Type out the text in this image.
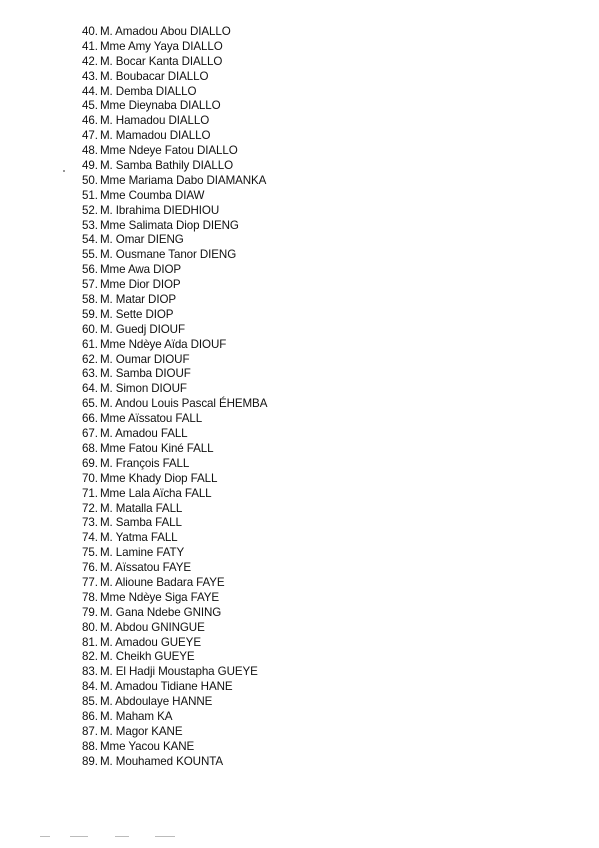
40. M. Amadou Abou DIALLO
41. Mme Amy Yaya DIALLO
42. M. Bocar Kanta DIALLO
43. M. Boubacar DIALLO
44. M. Demba DIALLO
45. Mme Dieynaba DIALLO
46. M. Hamadou DIALLO
47. M. Mamadou DIALLO
48. Mme Ndeye Fatou DIALLO
49. M. Samba Bathily DIALLO
50. Mme Mariama Dabo DIAMANKA
51. Mme Coumba DIAW
52. M. Ibrahima DIEDHIOU
53. Mme Salimata Diop DIENG
54. M. Omar DIENG
55. M. Ousmane Tanor DIENG
56. Mme Awa DIOP
57. Mme Dior DIOP
58. M. Matar DIOP
59. M. Sette DIOP
60. M. Guedj DIOUF
61. Mme Ndèye Aïda DIOUF
62. M. Oumar DIOUF
63. M. Samba DIOUF
64. M. Simon DIOUF
65. M. Andou Louis Pascal ÉHEMBA
66. Mme Aïssatou FALL
67. M. Amadou FALL
68. Mme Fatou Kiné FALL
69. M. François FALL
70. Mme Khady Diop FALL
71. Mme Lala Aïcha FALL
72. M. Matalla FALL
73. M. Samba FALL
74. M. Yatma FALL
75. M. Lamine FATY
76. M. Aïssatou FAYE
77. M. Alioune Badara FAYE
78. Mme Ndèye Siga FAYE
79. M. Gana Ndebe GNING
80. M. Abdou GNINGUE
81. M. Amadou GUEYE
82. M. Cheikh GUEYE
83. M. El Hadji Moustapha GUEYE
84. M. Amadou Tidiane HANE
85. M. Abdoulaye HANNE
86. M. Maham KA
87. M. Magor KANE
88. Mme Yacou KANE
89. M. Mouhamed KOUNTA
